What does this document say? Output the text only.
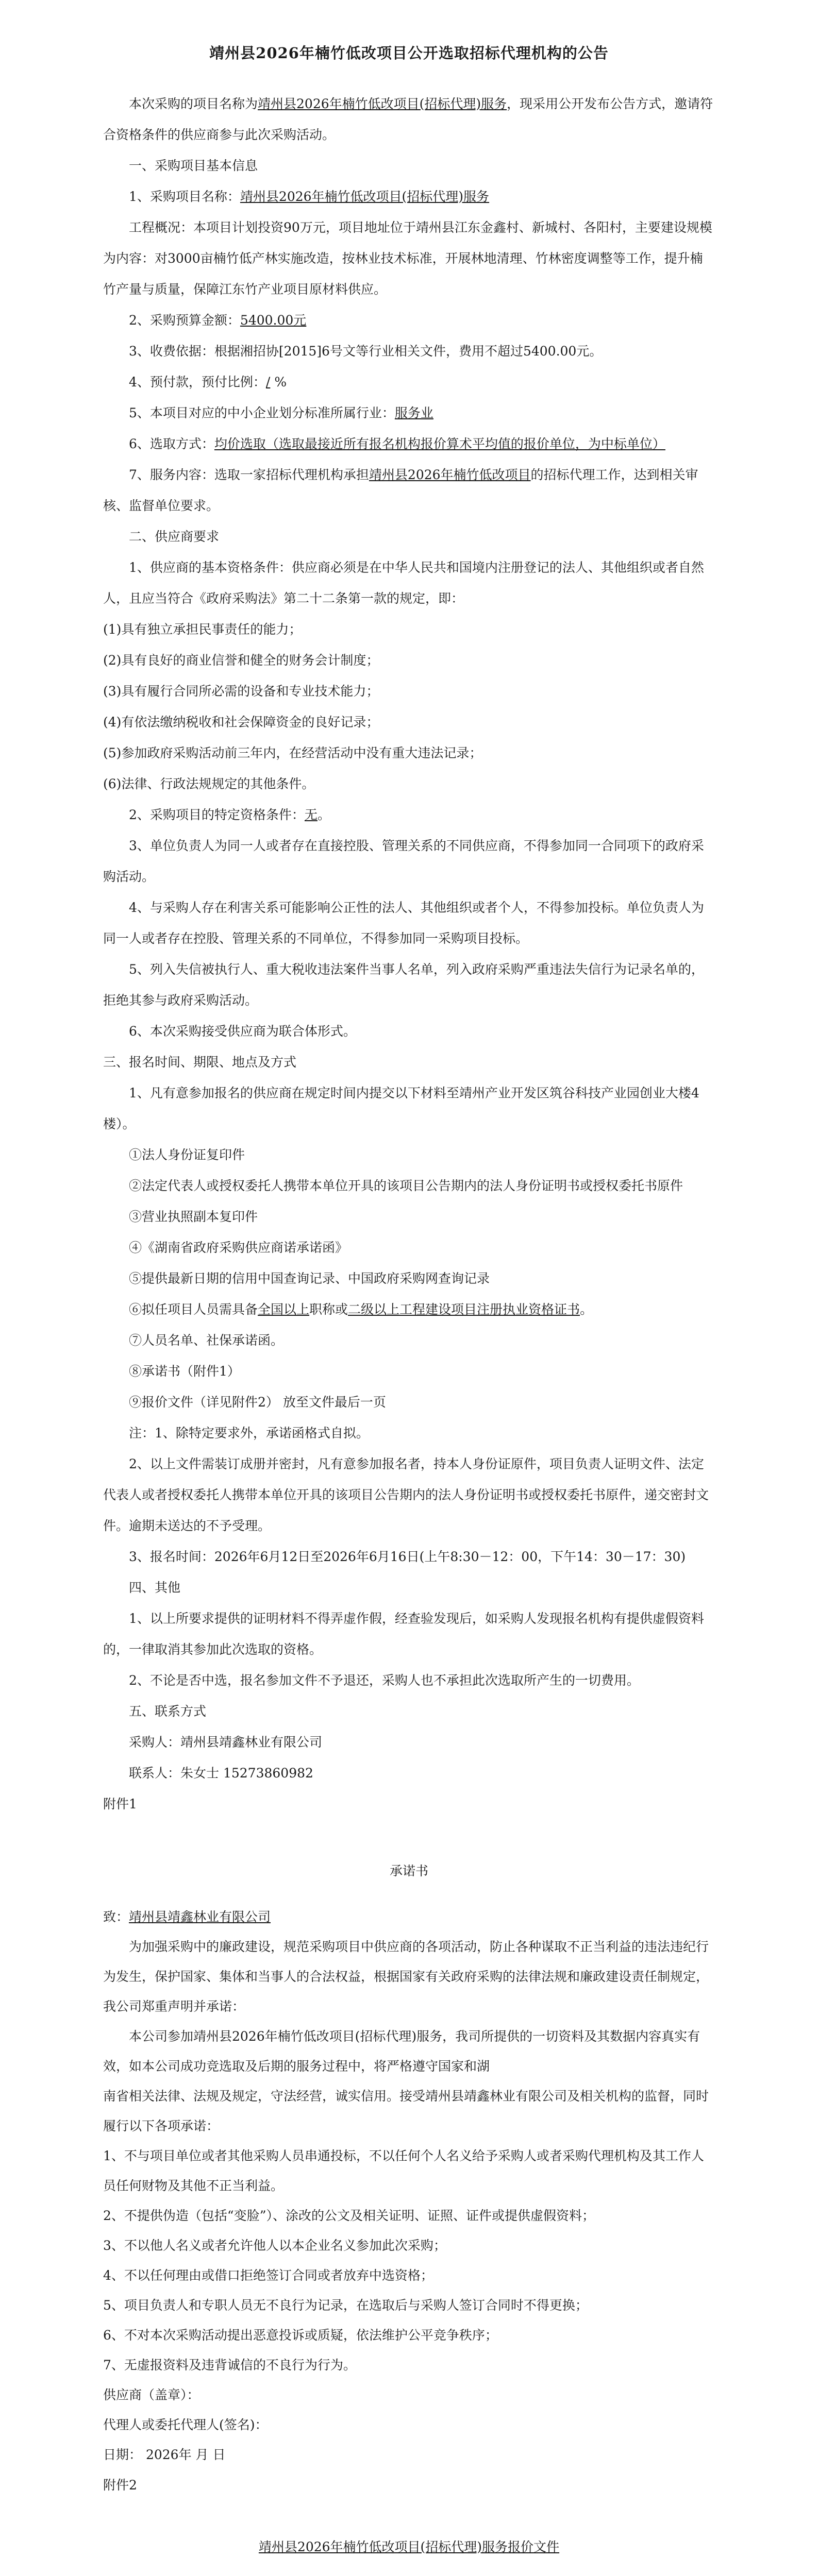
靖州县2026年楠竹低改项目公开选取招标代理机构的公告

本次采购的项目名称为靖州县2026年楠竹低改项目(招标代理)服务，现采用公开发布公告方式，邀请符合资格条件的供应商参与此次采购活动。

一、采购项目基本信息

1、采购项目名称：靖州县2026年楠竹低改项目(招标代理)服务

工程概况：本项目计划投资90万元，项目地址位于靖州县江东金鑫村、新城村、各阳村，主要建设规模为内容：对3000亩楠竹低产林实施改造，按林业技术标准，开展林地清理、竹林密度调整等工作，提升楠竹产量与质量，保障江东竹产业项目原材料供应。

2、采购预算金额：5400.00元

3、收费依据：根据湘招协[2015]6号文等行业相关文件，费用不超过5400.00元。

4、预付款，预付比例：/ %

5、本项目对应的中小企业划分标准所属行业：服务业

6、选取方式：均价选取（选取最接近所有报名机构报价算术平均值的报价单位，为中标单位）

7、服务内容：选取一家招标代理机构承担靖州县2026年楠竹低改项目的招标代理工作，达到相关审核、监督单位要求。

二、供应商要求

1、供应商的基本资格条件：供应商必须是在中华人民共和国境内注册登记的法人、其他组织或者自然人，且应当符合《政府采购法》第二十二条第一款的规定，即：

(1)具有独立承担民事责任的能力；

(2)具有良好的商业信誉和健全的财务会计制度；

(3)具有履行合同所必需的设备和专业技术能力；

(4)有依法缴纳税收和社会保障资金的良好记录；

(5)参加政府采购活动前三年内，在经营活动中没有重大违法记录；

(6)法律、行政法规规定的其他条件。

2、采购项目的特定资格条件：无。

3、单位负责人为同一人或者存在直接控股、管理关系的不同供应商，不得参加同一合同项下的政府采购活动。

4、与采购人存在利害关系可能影响公正性的法人、其他组织或者个人，不得参加投标。单位负责人为同一人或者存在控股、管理关系的不同单位，不得参加同一采购项目投标。

5、列入失信被执行人、重大税收违法案件当事人名单，列入政府采购严重违法失信行为记录名单的，拒绝其参与政府采购活动。

6、本次采购接受供应商为联合体形式。

三、报名时间、期限、地点及方式

1、凡有意参加报名的供应商在规定时间内提交以下材料至靖州产业开发区筑谷科技产业园创业大楼4楼）。

①法人身份证复印件

②法定代表人或授权委托人携带本单位开具的该项目公告期内的法人身份证明书或授权委托书原件

③营业执照副本复印件

④《湖南省政府采购供应商诺承诺函》

⑤提供最新日期的信用中国查询记录、中国政府采购网查询记录

⑥拟任项目人员需具备全国以上职称或二级以上工程建设项目注册执业资格证书。

⑦人员名单、社保承诺函。

⑧承诺书（附件1）

⑨报价文件（详见附件2） 放至文件最后一页

注：1、除特定要求外，承诺函格式自拟。

2、以上文件需装订成册并密封，凡有意参加报名者，持本人身份证原件，项目负责人证明文件、法定代表人或者授权委托人携带本单位开具的该项目公告期内的法人身份证明书或授权委托书原件，递交密封文件。逾期未送达的不予受理。

3、报名时间：2026年6月12日至2026年6月16日(上午8:30－12：00，下午14：30－17：30)

四、其他

1、以上所要求提供的证明材料不得弄虚作假，经查验发现后，如采购人发现报名机构有提供虚假资料的，一律取消其参加此次选取的资格。

2、不论是否中选，报名参加文件不予退还，采购人也不承担此次选取所产生的一切费用。

五、联系方式

采购人：靖州县靖鑫林业有限公司

联系人：朱女士 15273860982

附件1

承诺书

致：靖州县靖鑫林业有限公司

为加强采购中的廉政建设，规范采购项目中供应商的各项活动，防止各种谋取不正当利益的违法违纪行为发生，保护国家、集体和当事人的合法权益，根据国家有关政府采购的法律法规和廉政建设责任制规定，我公司郑重声明并承诺：

本公司参加靖州县2026年楠竹低改项目(招标代理)服务，我司所提供的一切资料及其数据内容真实有效，如本公司成功竞选取及后期的服务过程中，将严格遵守国家和湖

南省相关法律、法规及规定，守法经营，诚实信用。接受靖州县靖鑫林业有限公司及相关机构的监督，同时履行以下各项承诺：

1、不与项目单位或者其他采购人员串通投标，不以任何个人名义给予采购人或者采购代理机构及其工作人员任何财物及其他不正当利益。

2、不提供伪造（包括“变脸”）、涂改的公文及相关证明、证照、证件或提供虚假资料；

3、不以他人名义或者允许他人以本企业名义参加此次采购；

4、不以任何理由或借口拒绝签订合同或者放弃中选资格；

5、项目负责人和专职人员无不良行为记录，在选取后与采购人签订合同时不得更换；

6、不对本次采购活动提出恶意投诉或质疑，依法维护公平竞争秩序；

7、无虚报资料及违背诚信的不良行为行为。

供应商（盖章）：

代理人或委托代理人(签名)：

日期： 2026年 月 日

附件2

靖州县2026年楠竹低改项目(招标代理)服务报价文件
